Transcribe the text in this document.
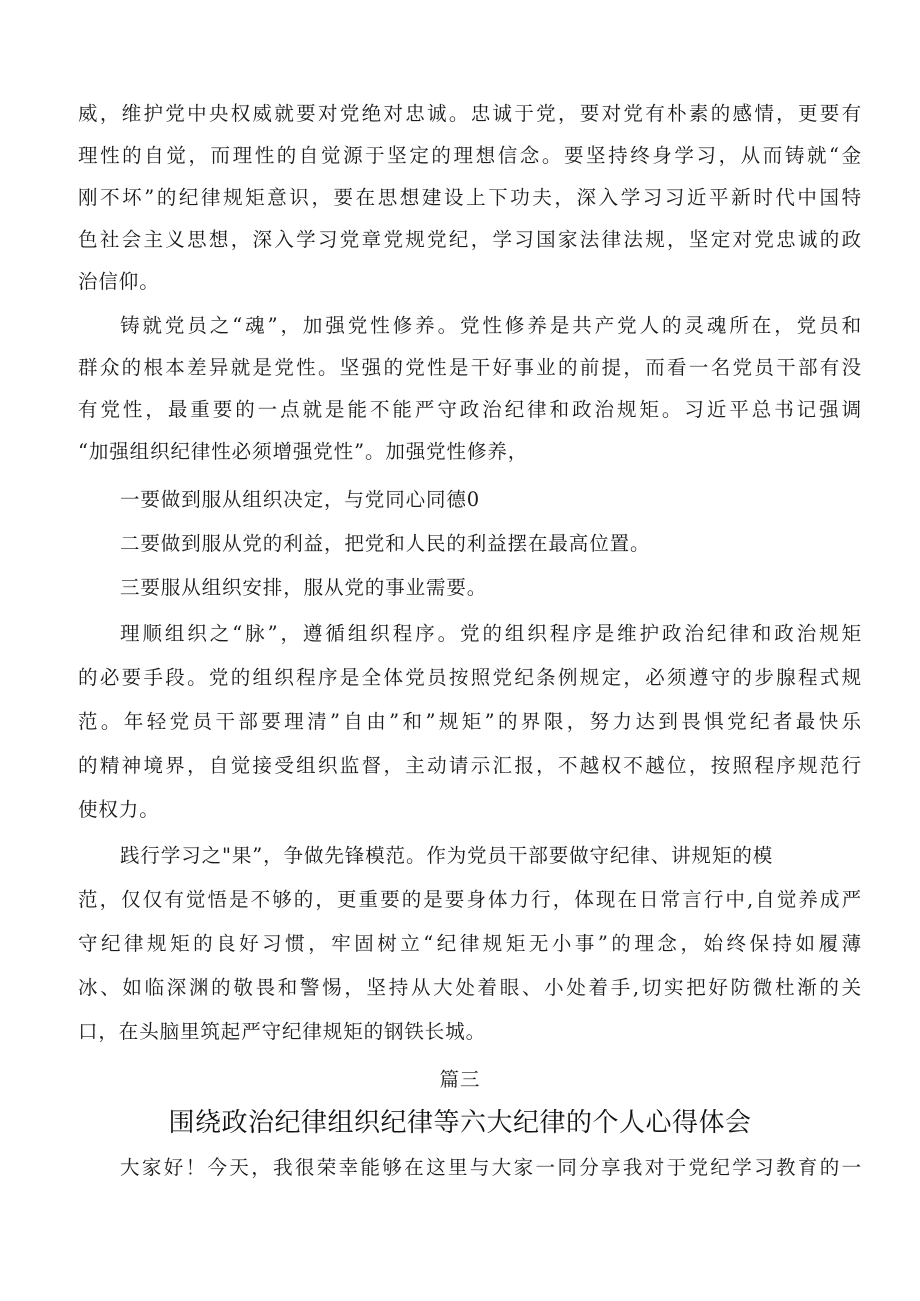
威，维护党中央权威就要对党绝对忠诚。忠诚于党，要对党有朴素的感情，更要有
理性的自觉，而理性的自觉源于坚定的理想信念。要坚持终身学习，从而铸就“金
刚不坏”的纪律规矩意识，要在思想建设上下功夫，深入学习习近平新时代中国特
色社会主义思想，深入学习党章党规党纪，学习国家法律法规，坚定对党忠诚的政
治信仰。
铸就党员之“魂”，加强党性修养。党性修养是共产党人的灵魂所在，党员和
群众的根本差异就是党性。坚强的党性是干好事业的前提，而看一名党员干部有没
有党性，最重要的一点就是能不能严守政治纪律和政治规矩。习近平总书记强调
“加强组织纪律性必须增强党性”。加强党性修养，
一要做到服从组织决定，与党同心同德0
二要做到服从党的利益，把党和人民的利益摆在最高位置。
三要服从组织安排，服从党的事业需要。
理顺组织之“脉”，遵循组织程序。党的组织程序是维护政治纪律和政治规矩
的必要手段。党的组织程序是全体党员按照党纪条例规定，必须遵守的步腺程式规
范。年轻党员干部要理清”自由”和”规矩”的界限，努力达到畏惧党纪者最快乐
的精神境界，自觉接受组织监督，主动请示汇报，不越权不越位，按照程序规范行
使权力。
践行学习之"果”，争做先锋模范。作为党员干部要做守纪律、讲规矩的模
范，仅仅有觉悟是不够的，更重要的是要身体力行，体现在日常言行中,自觉养成严
守纪律规矩的良好习惯，牢固树立“纪律规矩无小事”的理念，始终保持如履薄
冰、如临深渊的敬畏和警惕，坚持从大处着眼、小处着手,切实把好防微杜渐的关
口，在头脑里筑起严守纪律规矩的钢铁长城。
篇三
围绕政治纪律组织纪律等六大纪律的个人心得体会
大家好！今天，我很荣幸能够在这里与大家一同分享我对于党纪学习教育的一
